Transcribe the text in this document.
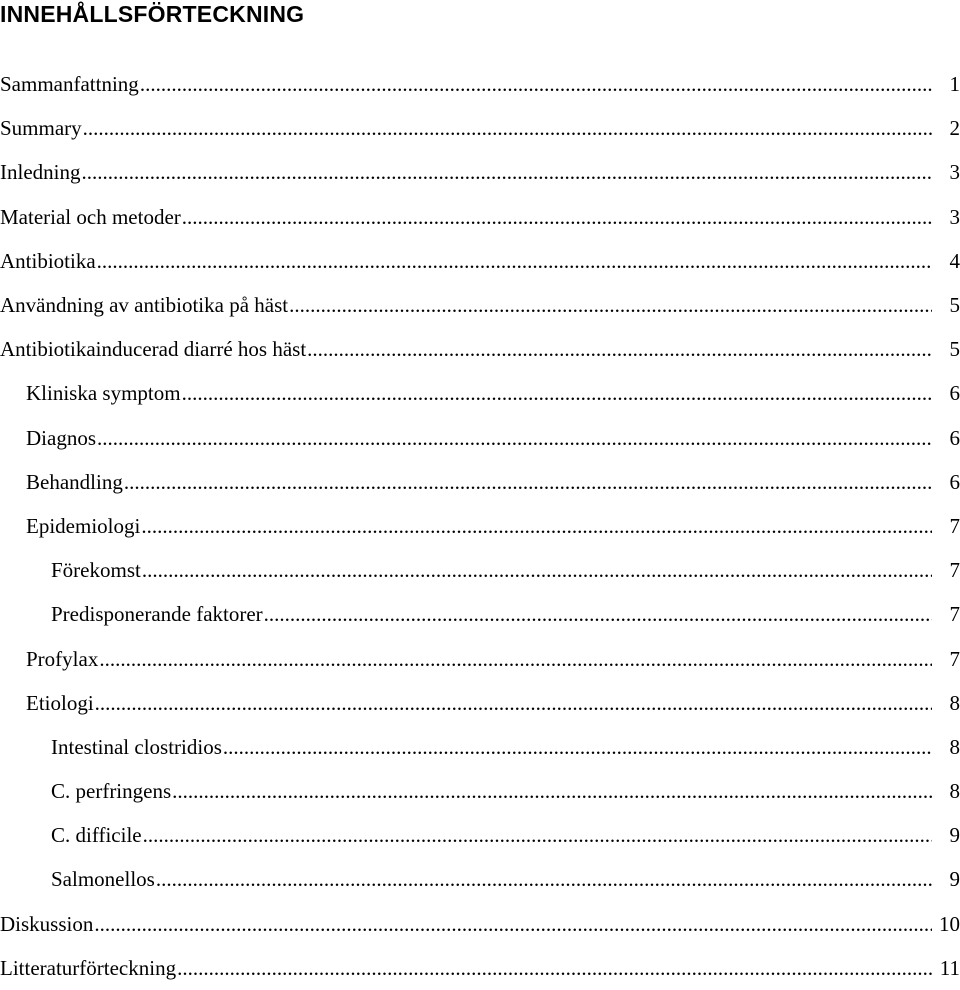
INNEHÅLLSFÖRTECKNING
Sammanfattning .....	1
Summary .....	2
Inledning .....	3
Material och metoder .....	3
Antibiotika .....	4
Användning av antibiotika på häst .....	5
Antibiotikainducerad diarré hos häst .....	5
Kliniska symptom .....	6
Diagnos .....	6
Behandling .....	6
Epidemiologi .....	7
Förekomst .....	7
Predisponerande faktorer .....	7
Profylax .....	7
Etiologi .....	8
Intestinal clostridios .....	8
C. perfringens .....	8
C. difficile .....	9
Salmonellos .....	9
Diskussion .....	10
Litteraturförteckning .....	11
